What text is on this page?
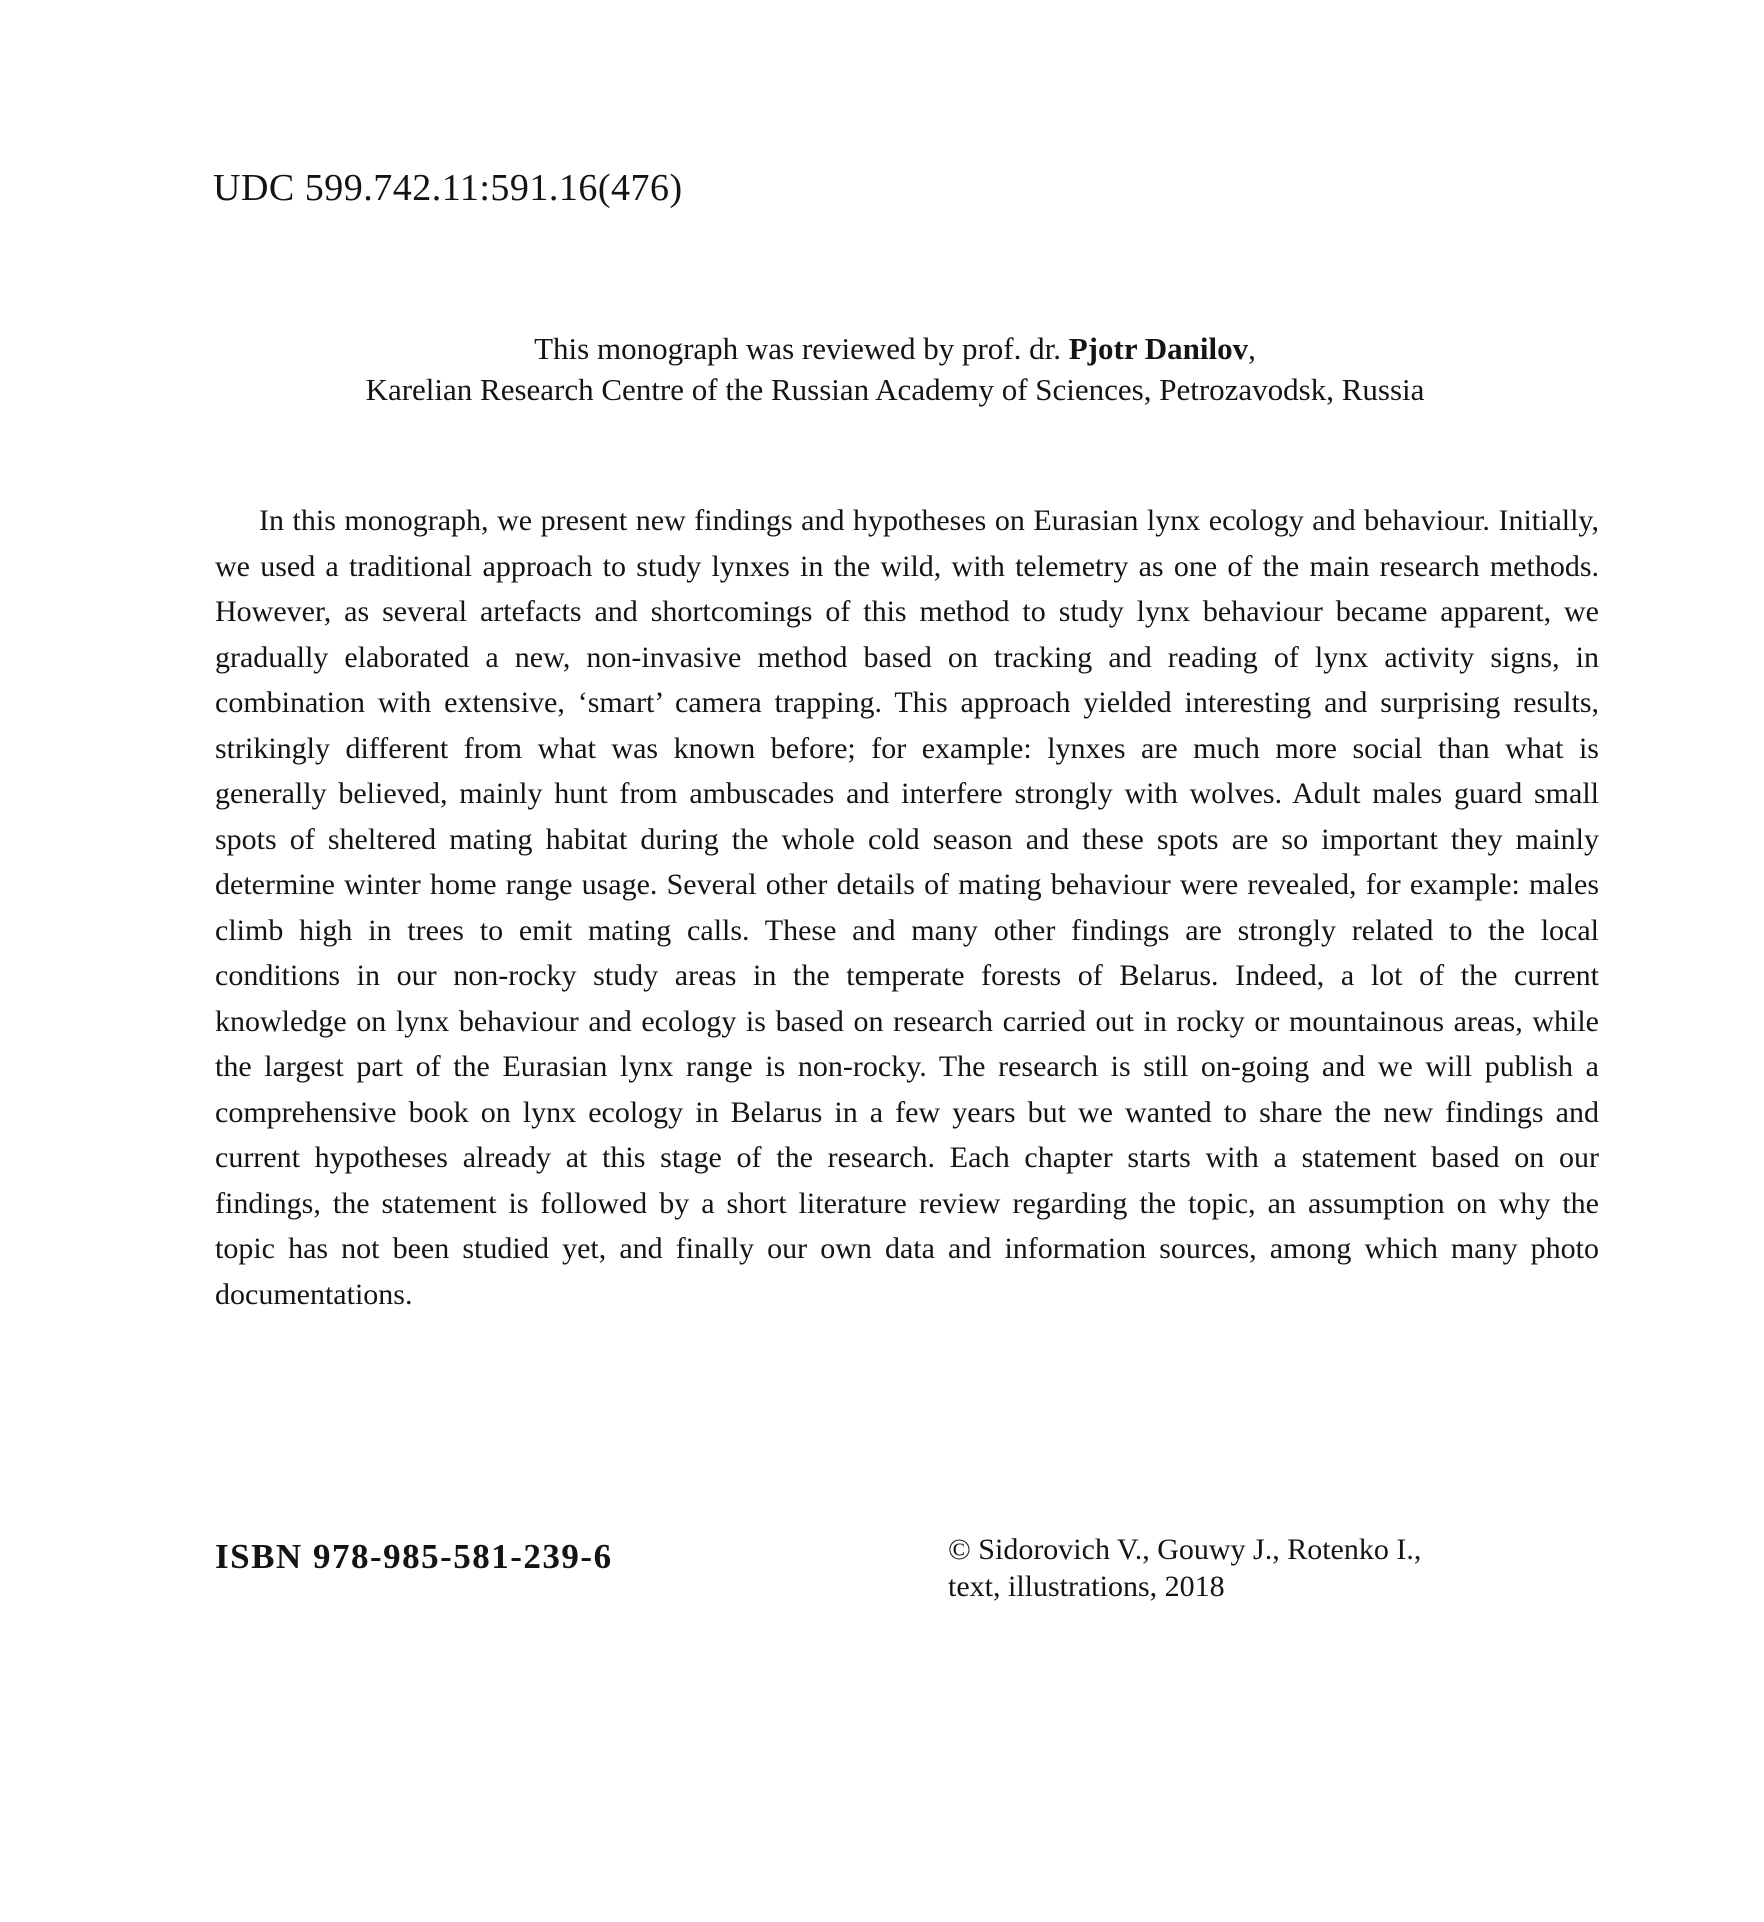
UDC 599.742.11:591.16(476)
This monograph was reviewed by prof. dr. Pjotr Danilov,
Karelian Research Centre of the Russian Academy of Sciences, Petrozavodsk, Russia

In this monograph, we present new findings and hypotheses on Eurasian lynx ecology and behaviour. Initially, we used a traditional approach to study lynxes in the wild, with telemetry as one of the main research methods. However, as several artefacts and shortcomings of this method to study lynx behaviour became apparent, we gradually elaborated a new, non-invasive method based on tracking and reading of lynx activity signs, in combination with extensive, ‘smart’ camera trapping. This approach yielded interesting and surprising results, strikingly different from what was known before; for example: lynxes are much more social than what is generally believed, mainly hunt from ambuscades and interfere strongly with wolves. Adult males guard small spots of sheltered mating habitat during the whole cold season and these spots are so important they mainly determine winter home range usage. Several other details of mating behaviour were revealed, for example: males climb high in trees to emit mating calls. These and many other findings are strongly related to the local conditions in our non-rocky study areas in the temperate forests of Belarus. Indeed, a lot of the current knowledge on lynx behaviour and ecology is based on research carried out in rocky or mountainous areas, while the largest part of the Eurasian lynx range is non-rocky. The research is still on-going and we will publish a comprehensive book on lynx ecology in Belarus in a few years but we wanted to share the new findings and current hypotheses already at this stage of the research. Each chapter starts with a statement based on our findings, the statement is followed by a short literature review regarding the topic, an assumption on why the topic has not been studied yet, and finally our own data and information sources, among which many photo documentations.

ISBN 978-985-581-239-6	© Sidorovich V., Gouwy J., Rotenko I.,
text, illustrations, 2018
